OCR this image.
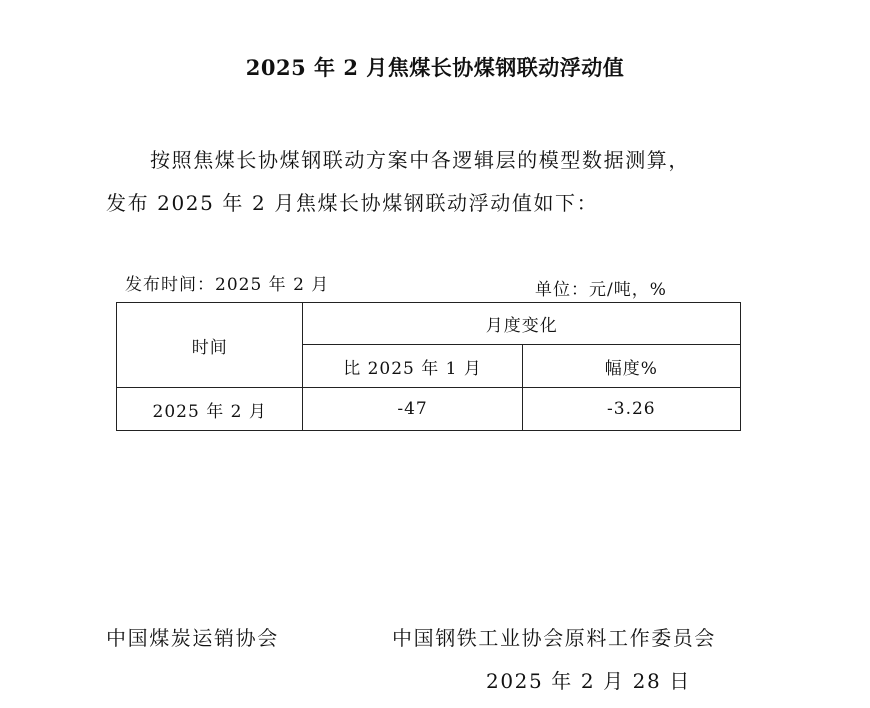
2025 年 2 月焦煤长协煤钢联动浮动值
按照焦煤长协煤钢联动方案中各逻辑层的模型数据测算，
发布 2025 年 2 月焦煤长协煤钢联动浮动值如下：
发布时间：2025 年 2 月	单位：元/吨，%
时间	月度变化	
	比 2025 年 1 月	幅度%
2025 年 2 月	-47	-3.26
中国煤炭运销协会	中国钢铁工业协会原料工作委员会
2025 年 2 月 28 日
